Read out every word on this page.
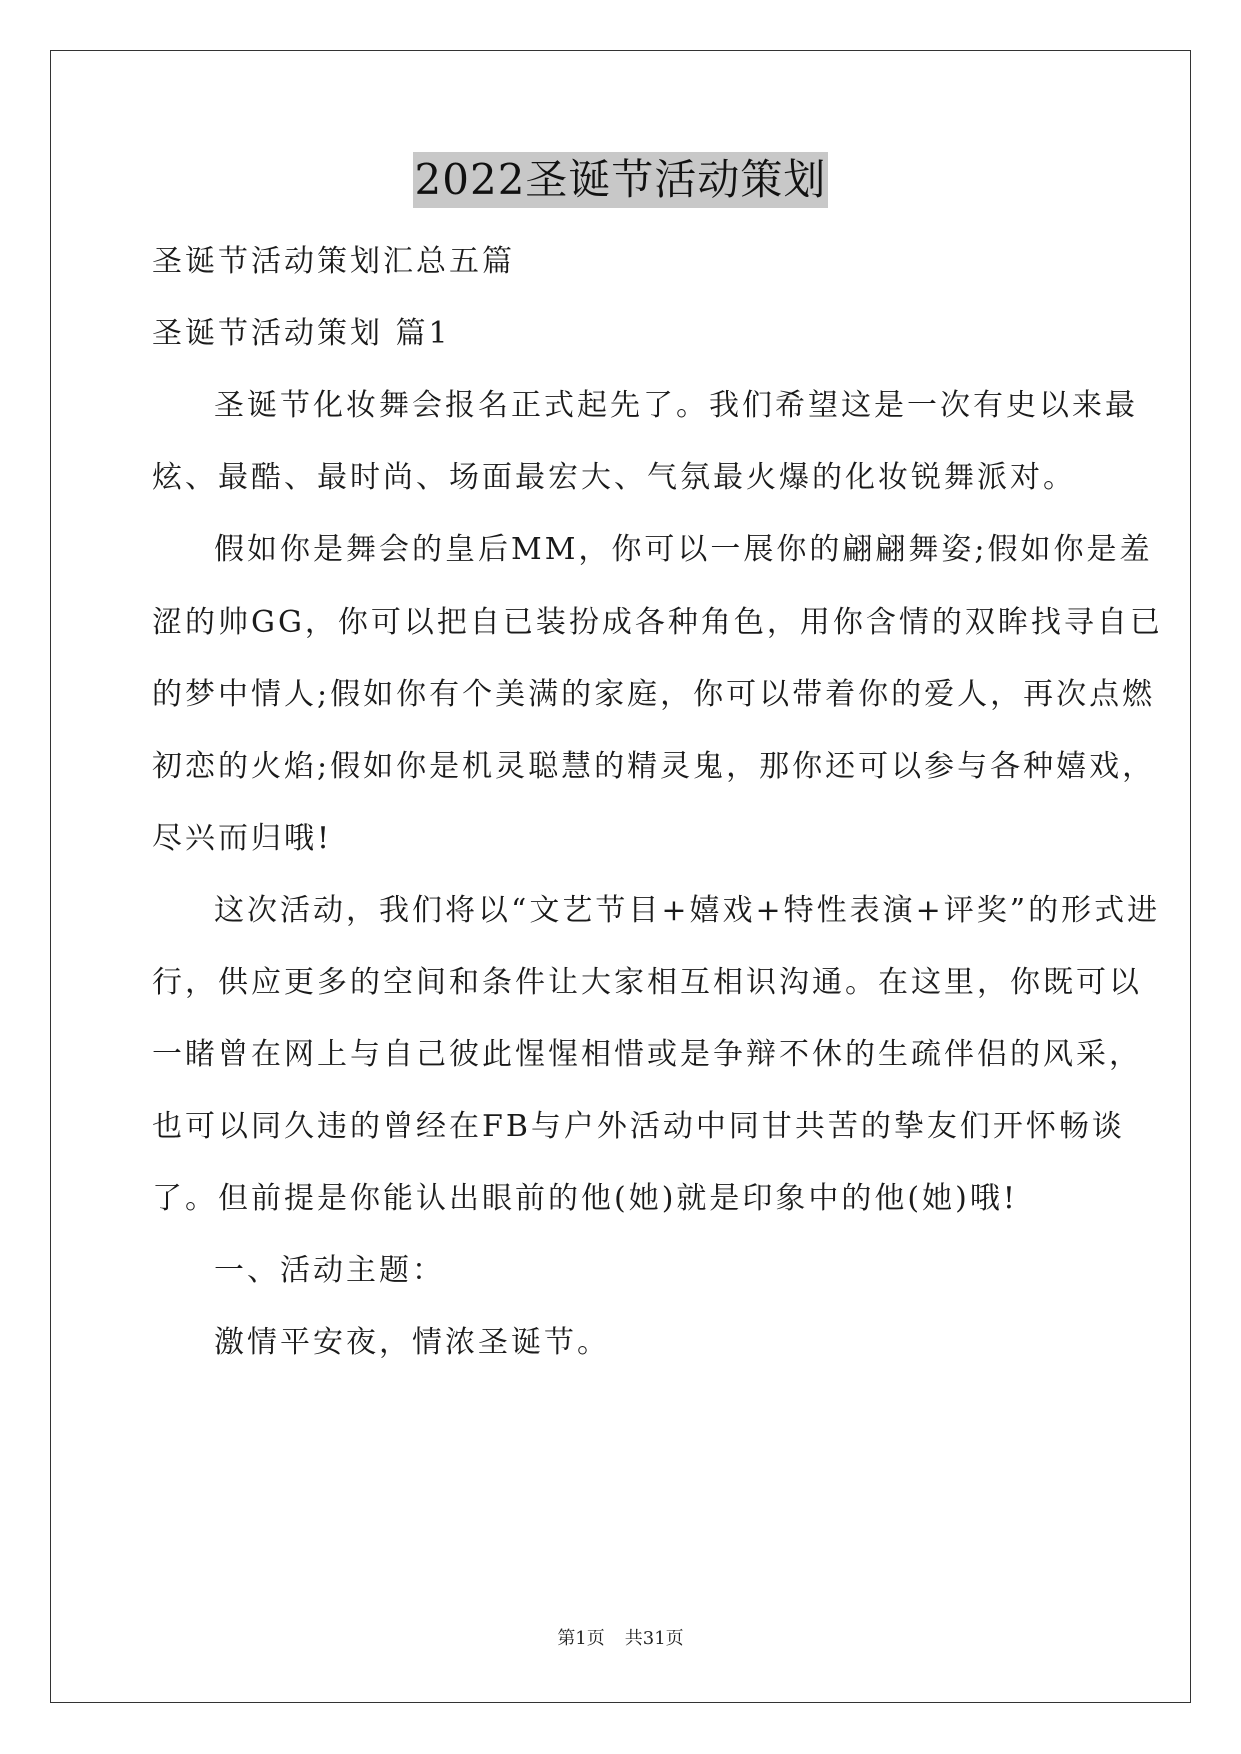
2022圣诞节活动策划
圣诞节活动策划汇总五篇
圣诞节活动策划 篇1
圣诞节化妆舞会报名正式起先了。我们希望这是一次有史以来最
炫、最酷、最时尚、场面最宏大、气氛最火爆的化妆锐舞派对。
假如你是舞会的皇后MM，你可以一展你的翩翩舞姿;假如你是羞
涩的帅GG，你可以把自已装扮成各种角色，用你含情的双眸找寻自已
的梦中情人;假如你有个美满的家庭，你可以带着你的爱人，再次点燃
初恋的火焰;假如你是机灵聪慧的精灵鬼，那你还可以参与各种嬉戏，
尽兴而归哦!
这次活动，我们将以“文艺节目+嬉戏+特性表演+评奖”的形式进
行，供应更多的空间和条件让大家相互相识沟通。在这里，你既可以
一睹曾在网上与自己彼此惺惺相惜或是争辩不休的生疏伴侣的风采，
也可以同久违的曾经在FB与户外活动中同甘共苦的挚友们开怀畅谈
了。但前提是你能认出眼前的他(她)就是印象中的他(她)哦!
一、活动主题：
激情平安夜，情浓圣诞节。
第1页 共31页
